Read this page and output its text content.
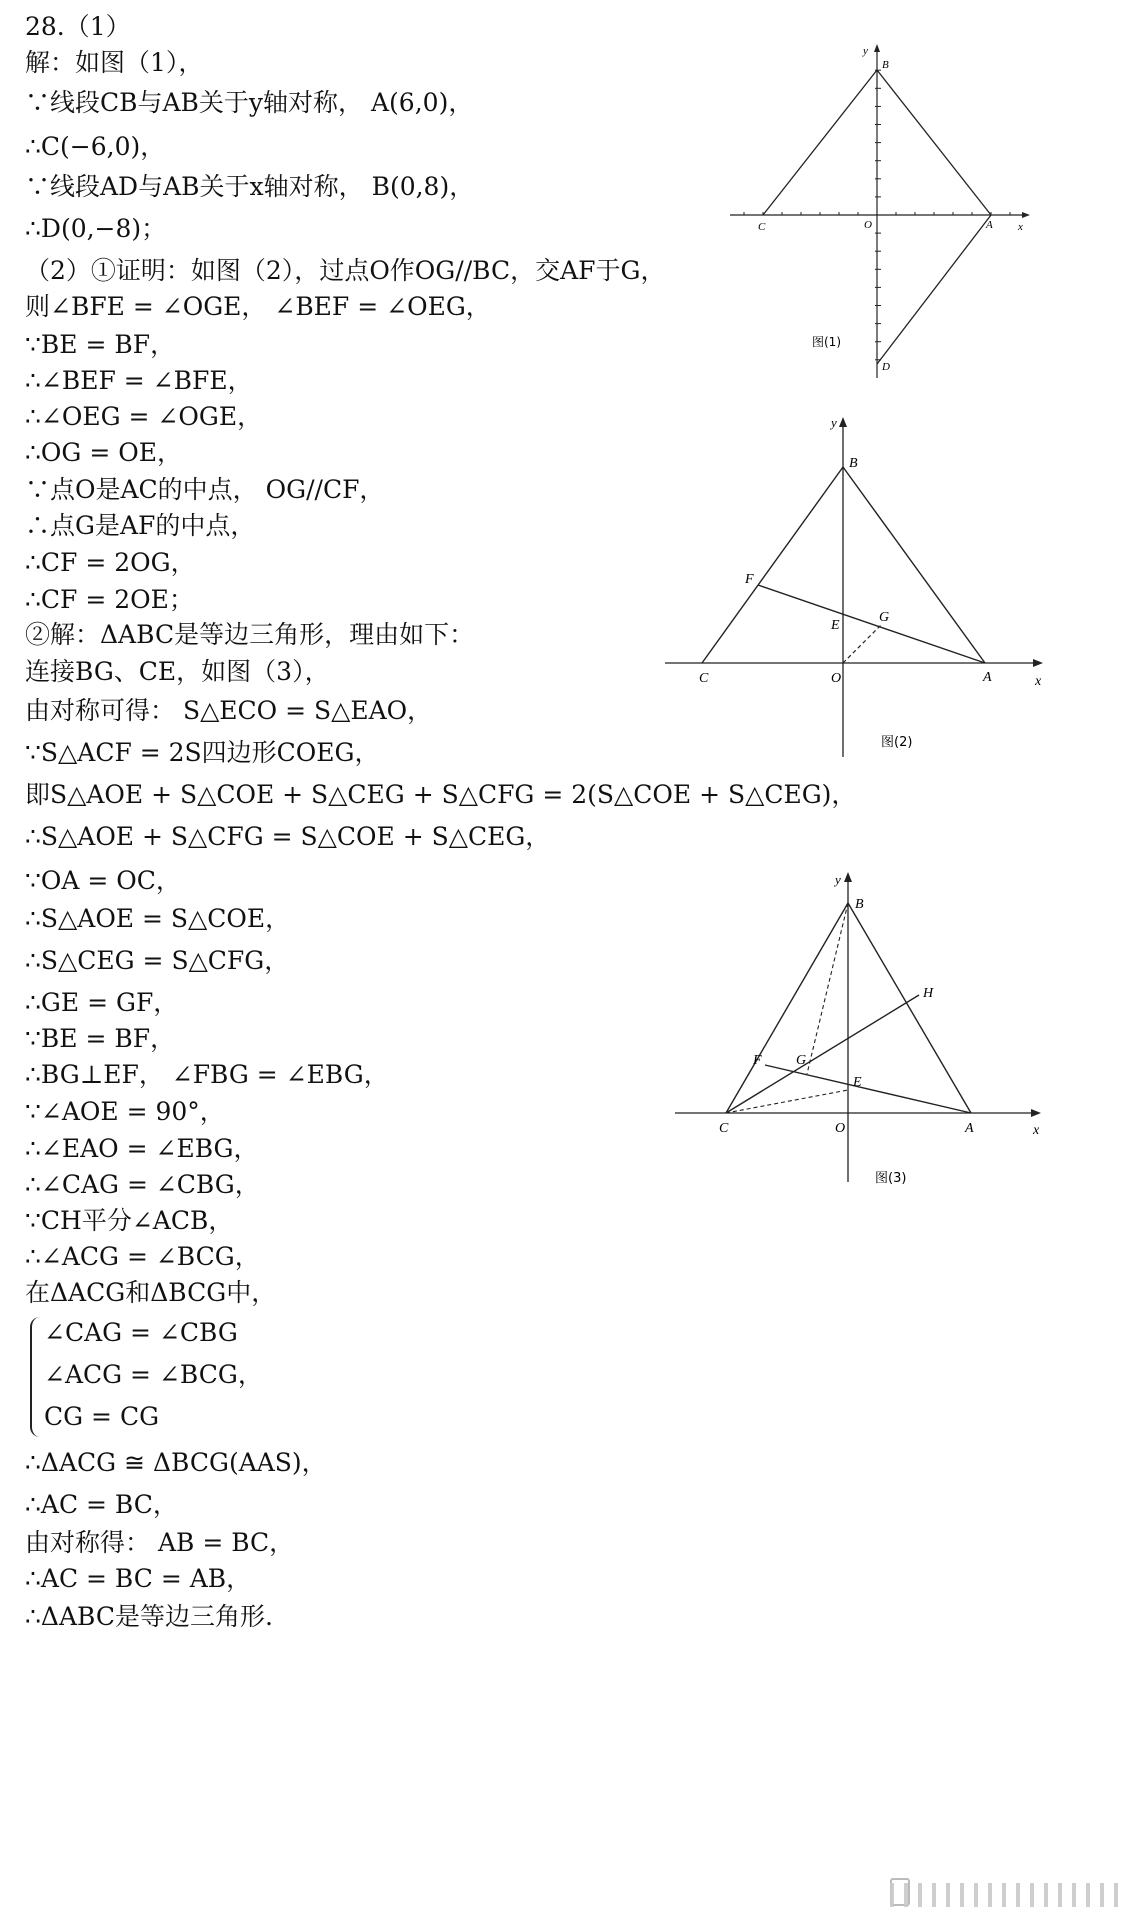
28.（1）
解：如图（1），
∵线段CB与AB关于y轴对称， A(6,0)，
∴C(−6,0)，
∵线段AD与AB关于x轴对称， B(0,8)，
∴D(0,−8)；
（2）①证明：如图（2），过点O作OG//BC，交AF于G，
则∠BFE = ∠OGE， ∠BEF = ∠OEG，
∵BE = BF，
∴∠BEF = ∠BFE，
∴∠OEG = ∠OGE，
∴OG = OE，
∵点O是AC的中点， OG//CF，
∴点G是AF的中点，
∴CF = 2OG，
∴CF = 2OE；
②解：ΔABC是等边三角形，理由如下：
连接BG、CE，如图（3），
由对称可得： S△ECO = S△EAO，
∵S△ACF = 2S四边形COEG，
即S△AOE + S△COE + S△CEG + S△CFG = 2(S△COE + S△CEG)，
∴S△AOE + S△CFG = S△COE + S△CEG，
∵OA = OC，
∴S△AOE = S△COE，
∴S△CEG = S△CFG，
∴GE = GF，
∵BE = BF，
∴BG⊥EF， ∠FBG = ∠EBG，
∵∠AOE = 90°，
∴∠EAO = ∠EBG，
∴∠CAG = ∠CBG，
∵CH平分∠ACB，
∴∠ACG = ∠BCG，
在ΔACG和ΔBCG中，
∠CAG = ∠CBG
∠ACG = ∠BCG，
CG = CG
∴ΔACG ≅ ΔBCG(AAS)，
∴AC = BC，
由对称得： AB = BC，
∴AC = BC = AB，
∴ΔABC是等边三角形.
y
B
C	O	A x
D
图(1)
y
B
F
E
G
C	O	A	x
图(2)
y
B
H
F G
E
C	O	A	x
图(3)
